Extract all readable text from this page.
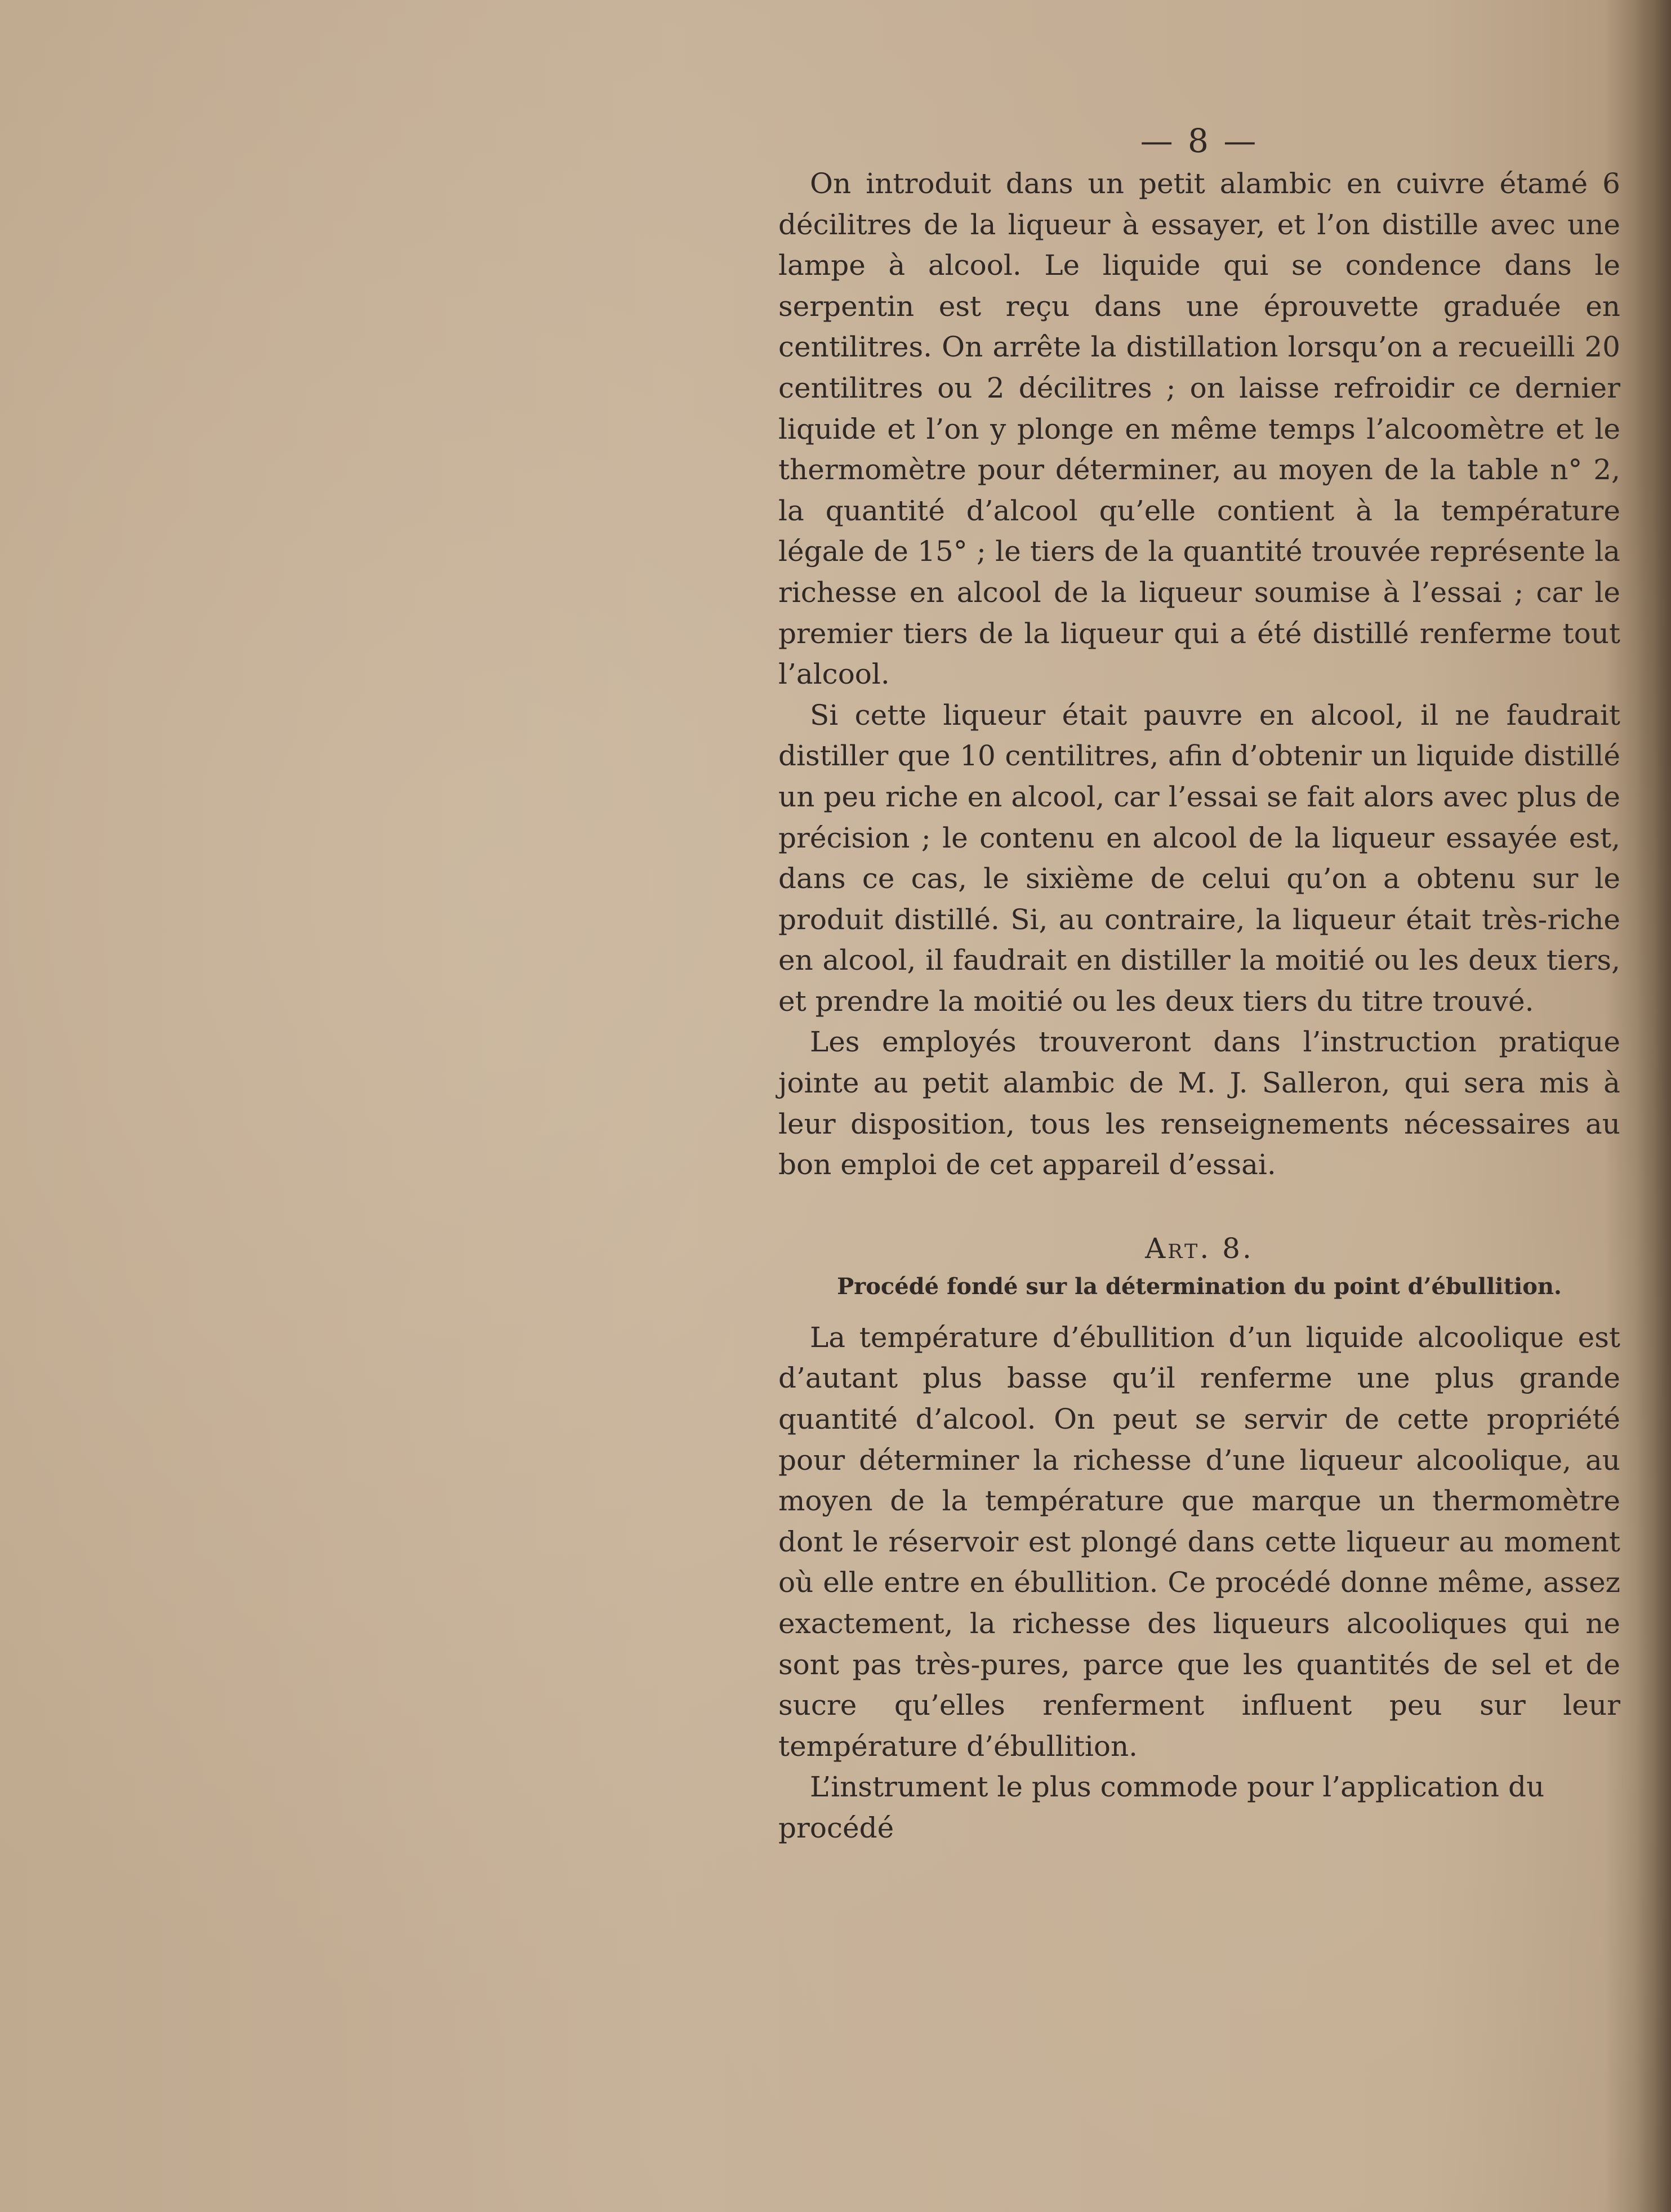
— 8 —

On introduit dans un petit alambic en cuivre étamé 6 décilitres de la liqueur à essayer, et l’on distille avec une lampe à alcool. Le liquide qui se condence dans le serpentin est reçu dans une éprouvette graduée en centilitres. On arrête la distillation lorsqu’on a recueilli 20 centilitres ou 2 décilitres ; on laisse refroidir ce dernier liquide et l’on y plonge en même temps l’alcoomètre et le thermomètre pour déterminer, au moyen de la table n° 2, la quantité d’alcool qu’elle contient à la température légale de 15° ; le tiers de la quantité trouvée représente la richesse en alcool de la liqueur soumise à l’essai ; car le premier tiers de la liqueur qui a été distillé renferme tout l’alcool.

Si cette liqueur était pauvre en alcool, il ne faudrait distiller que 10 centilitres, afin d’obtenir un liquide distillé un peu riche en alcool, car l’essai se fait alors avec plus de précision ; le contenu en alcool de la liqueur essayée est, dans ce cas, le sixième de celui qu’on a obtenu sur le produit distillé. Si, au contraire, la liqueur était très-riche en alcool, il faudrait en distiller la moitié ou les deux tiers, et prendre la moitié ou les deux tiers du titre trouvé.

Les employés trouveront dans l’instruction pratique jointe au petit alambic de M. J. Salleron, qui sera mis à leur disposition, tous les renseignements nécessaires au bon emploi de cet appareil d’essai.

Art. 8.
Procédé fondé sur la détermination du point d’ébullition.

La température d’ébullition d’un liquide alcoolique est d’autant plus basse qu’il renferme une plus grande quantité d’alcool. On peut se servir de cette propriété pour déterminer la richesse d’une liqueur alcoolique, au moyen de la température que marque un thermomètre dont le réservoir est plongé dans cette liqueur au moment où elle entre en ébullition. Ce procédé donne même, assez exactement, la richesse des liqueurs alcooliques qui ne sont pas très-pures, parce que les quantités de sel et de sucre qu’elles renferment influent peu sur leur température d’ébullition.

L’instrument le plus commode pour l’application du procédé
